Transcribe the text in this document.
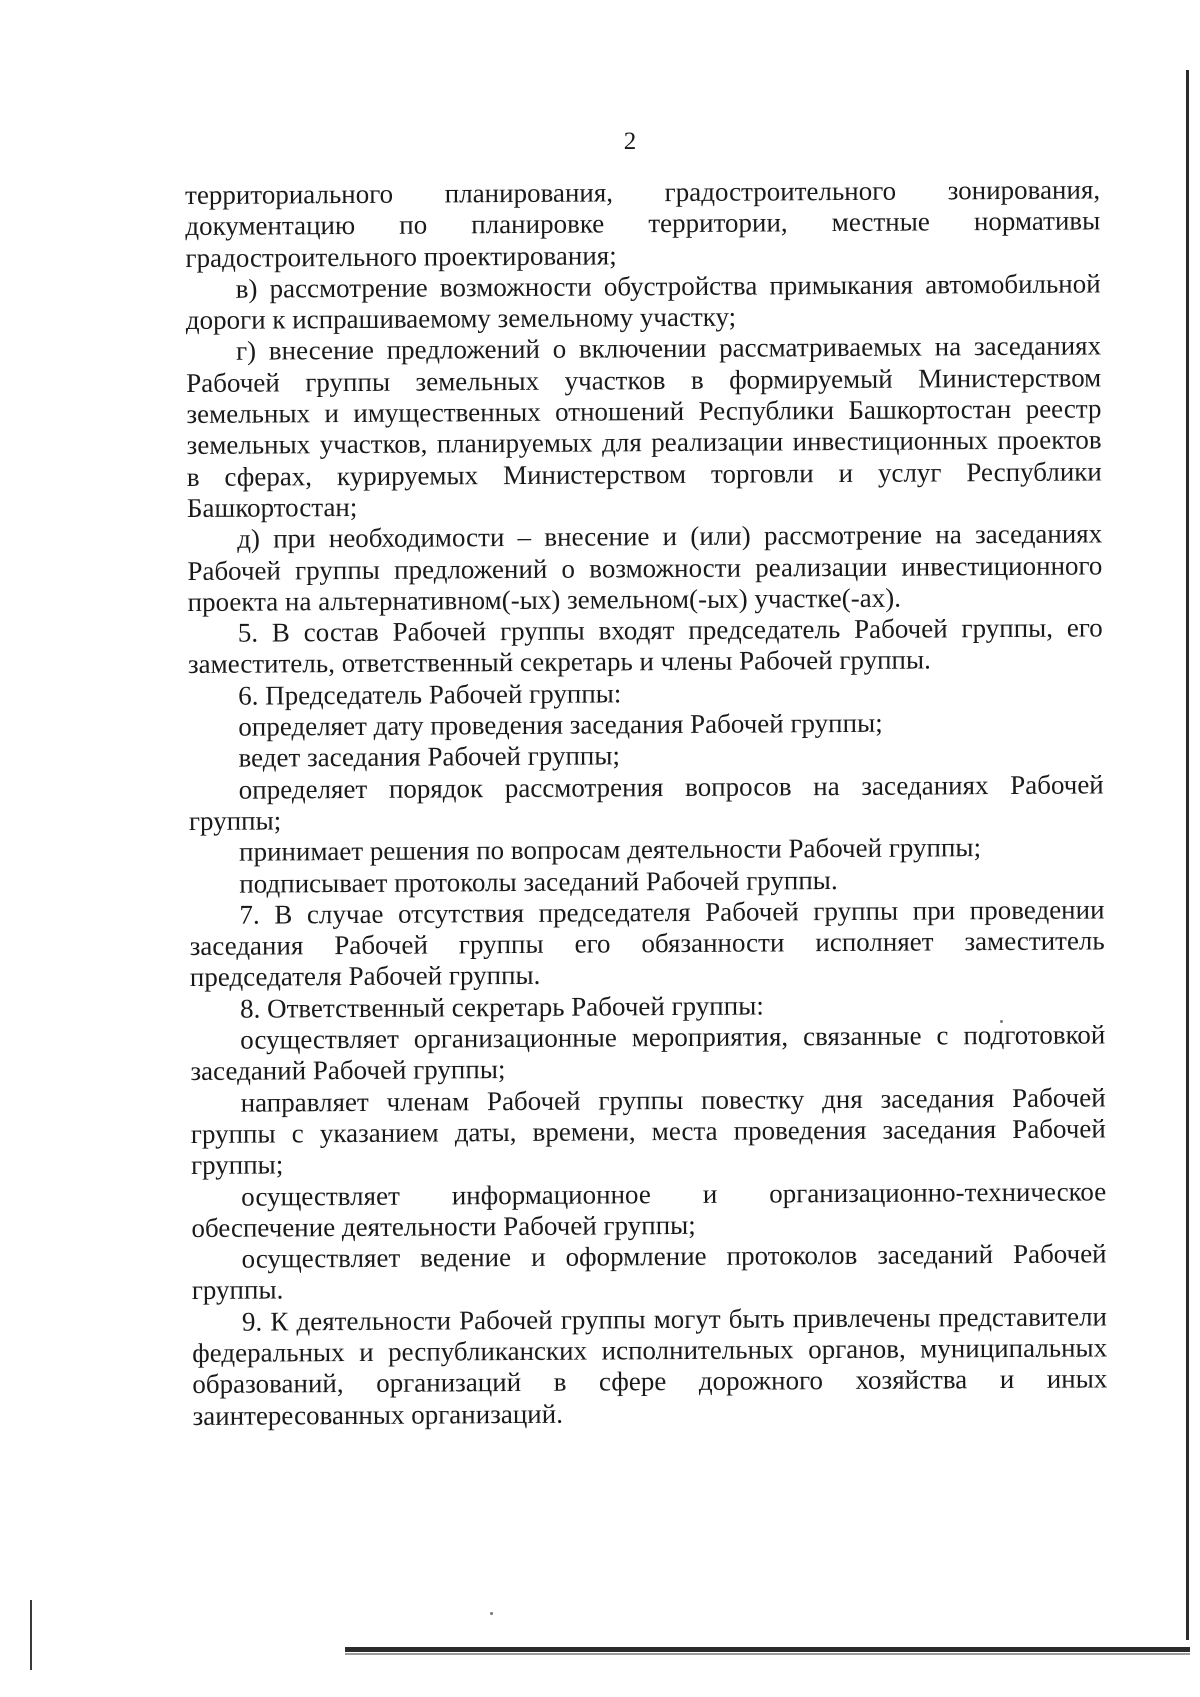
2

территориального планирования, градостроительного зонирования, документацию по планировке территории, местные нормативы градостроительного проектирования;

в) рассмотрение возможности обустройства примыкания автомобильной дороги к испрашиваемому земельному участку;

г) внесение предложений о включении рассматриваемых на заседаниях Рабочей группы земельных участков в формируемый Министерством земельных и имущественных отношений Республики Башкортостан реестр земельных участков, планируемых для реализации инвестиционных проектов в сферах, курируемых Министерством торговли и услуг Республики Башкортостан;

д) при необходимости – внесение и (или) рассмотрение на заседаниях Рабочей группы предложений о возможности реализации инвестиционного проекта на альтернативном(-ых) земельном(-ых) участке(-ах).

5. В состав Рабочей группы входят председатель Рабочей группы, его заместитель, ответственный секретарь и члены Рабочей группы.

6. Председатель Рабочей группы:

определяет дату проведения заседания Рабочей группы;

ведет заседания Рабочей группы;

определяет порядок рассмотрения вопросов на заседаниях Рабочей группы;

принимает решения по вопросам деятельности Рабочей группы;

подписывает протоколы заседаний Рабочей группы.

7. В случае отсутствия председателя Рабочей группы при проведении заседания Рабочей группы его обязанности исполняет заместитель председателя Рабочей группы.

8. Ответственный секретарь Рабочей группы:

осуществляет организационные мероприятия, связанные с подготовкой заседаний Рабочей группы;

направляет членам Рабочей группы повестку дня заседания Рабочей группы с указанием даты, времени, места проведения заседания Рабочей группы;

осуществляет информационное и организационно-техническое обеспечение деятельности Рабочей группы;

осуществляет ведение и оформление протоколов заседаний Рабочей группы.

9. К деятельности Рабочей группы могут быть привлечены представители федеральных и республиканских исполнительных органов, муниципальных образований, организаций в сфере дорожного хозяйства и иных заинтересованных организаций.
